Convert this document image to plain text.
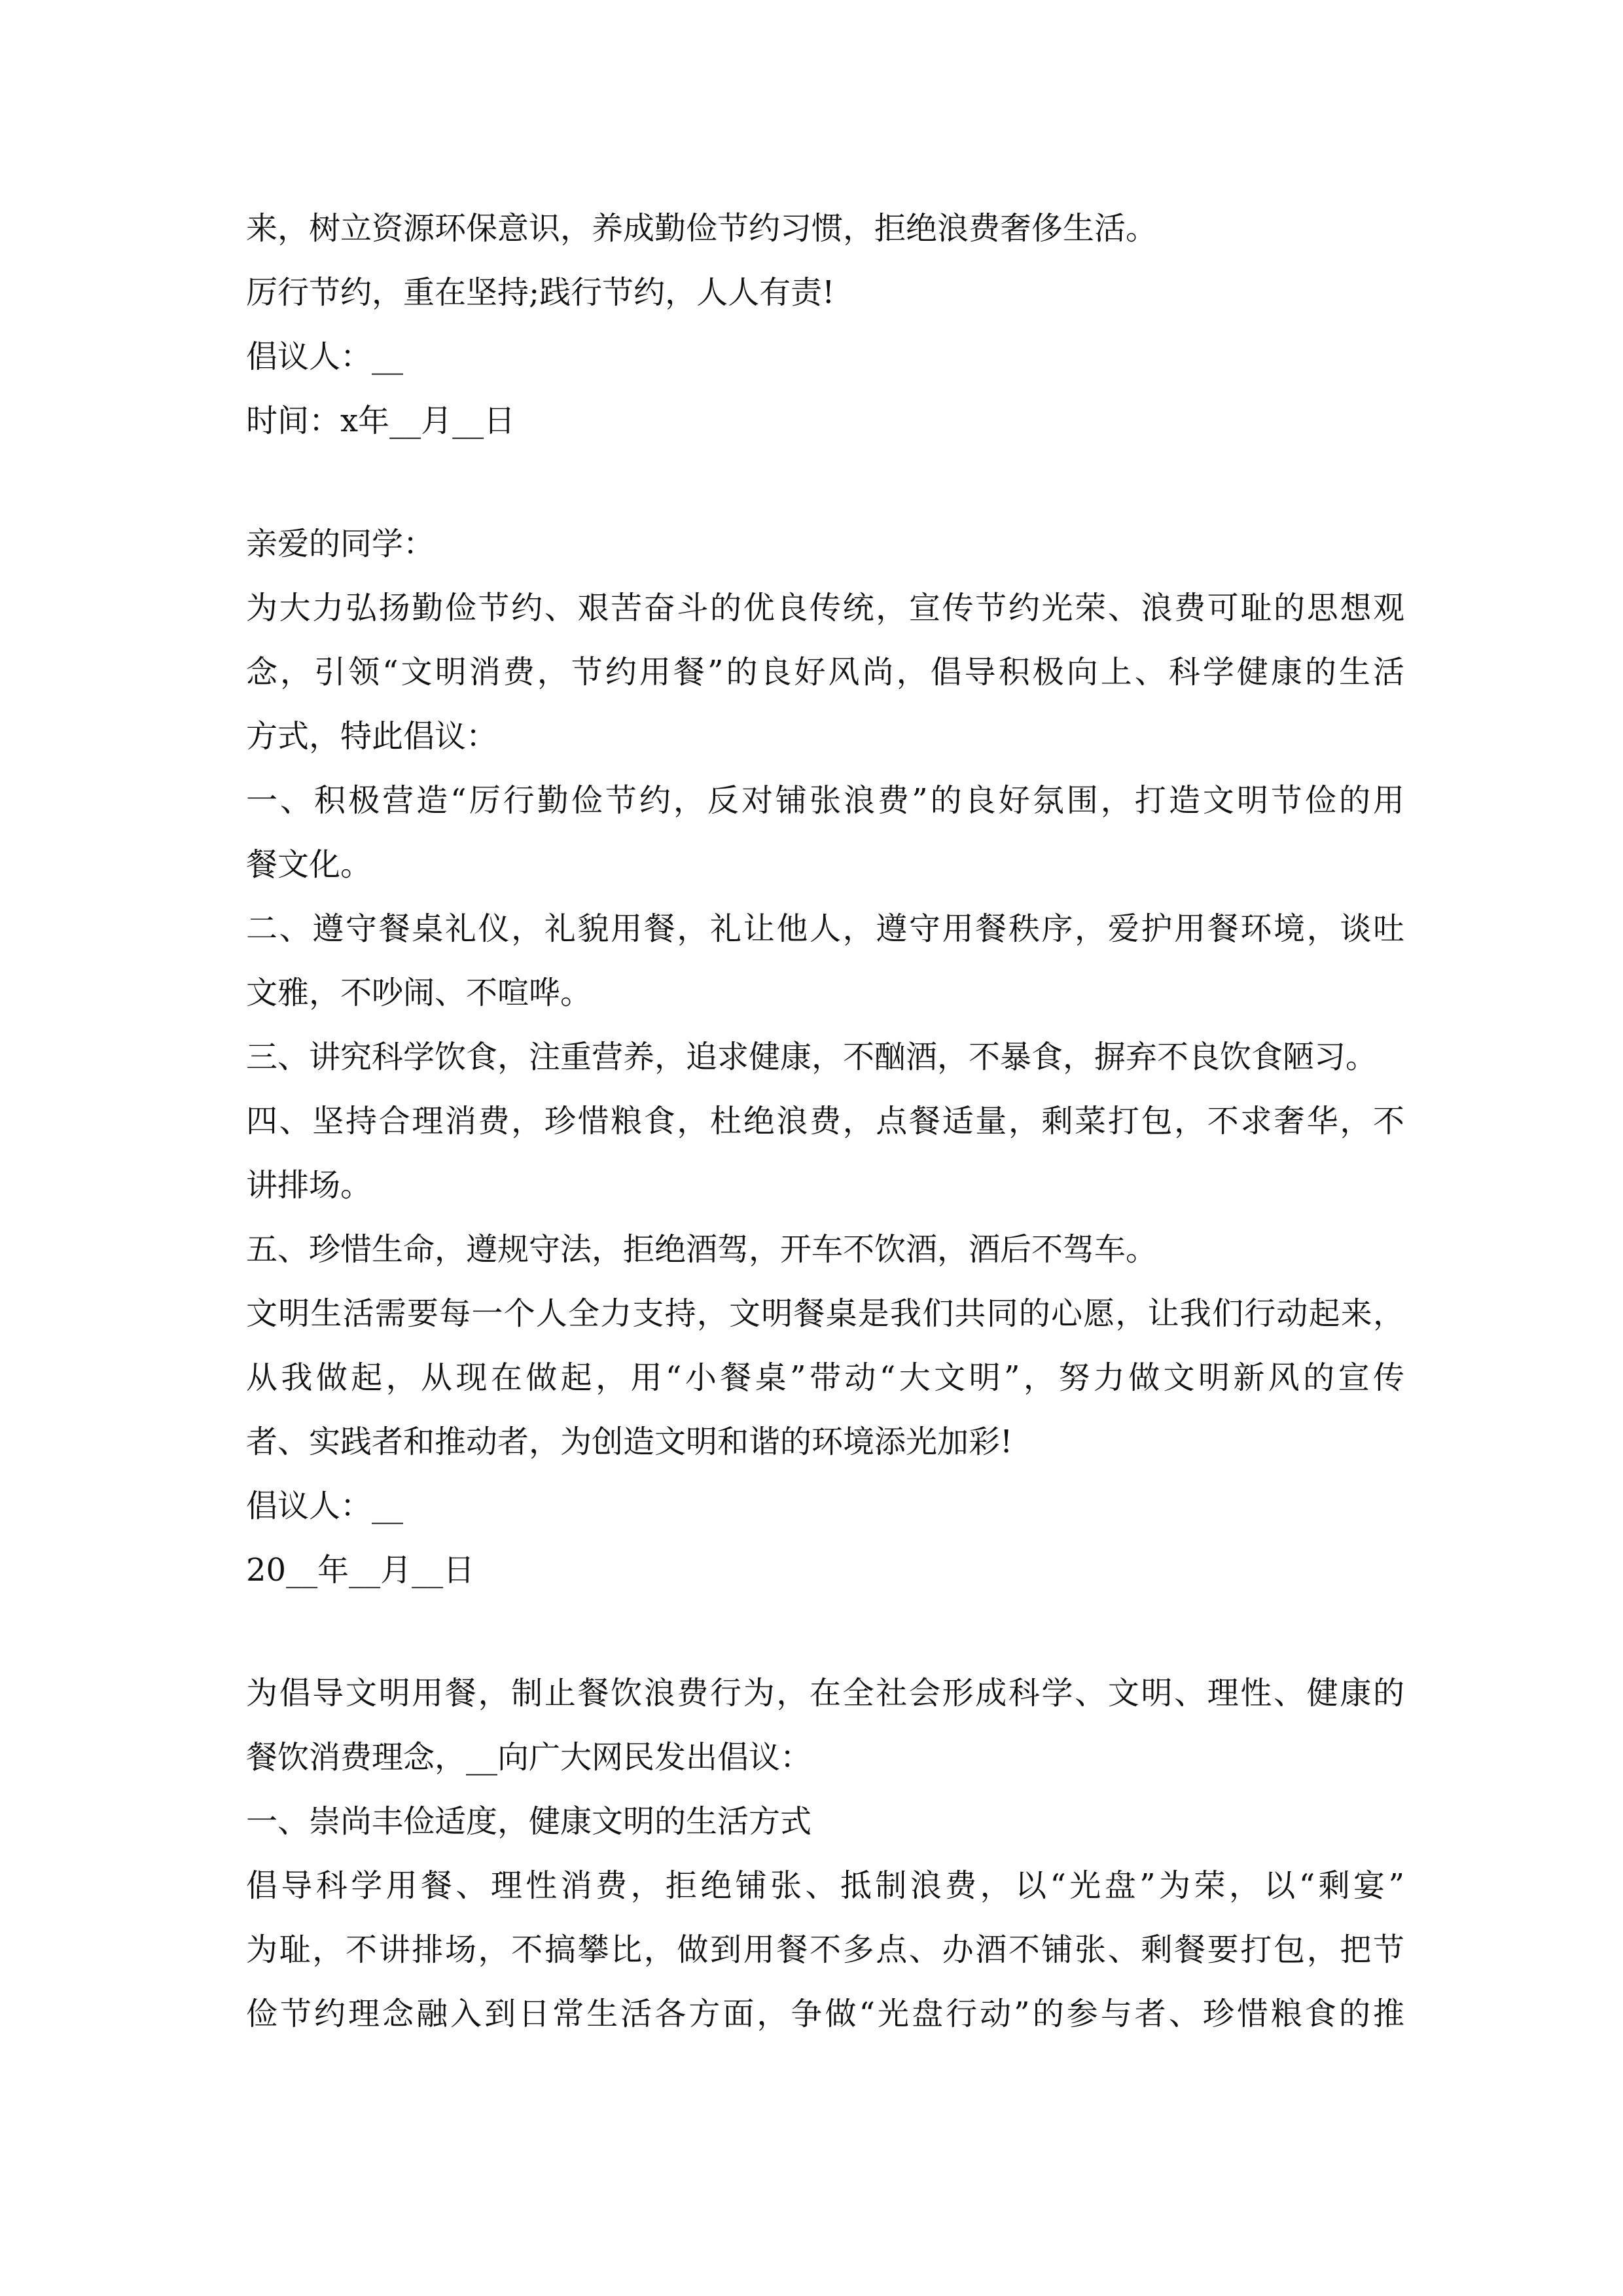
来，树立资源环保意识，养成勤俭节约习惯，拒绝浪费奢侈生活。
厉行节约，重在坚持;践行节约，人人有责!
倡议人：__
时间：x年__月__日
亲爱的同学：
为大力弘扬勤俭节约、艰苦奋斗的优良传统，宣传节约光荣、浪费可耻的思想观
念，引领“文明消费，节约用餐”的良好风尚，倡导积极向上、科学健康的生活
方式，特此倡议：
一、积极营造“厉行勤俭节约，反对铺张浪费”的良好氛围，打造文明节俭的用
餐文化。
二、遵守餐桌礼仪，礼貌用餐，礼让他人，遵守用餐秩序，爱护用餐环境，谈吐
文雅，不吵闹、不喧哗。
三、讲究科学饮食，注重营养，追求健康，不酗酒，不暴食，摒弃不良饮食陋习。
四、坚持合理消费，珍惜粮食，杜绝浪费，点餐适量，剩菜打包，不求奢华，不
讲排场。
五、珍惜生命，遵规守法，拒绝酒驾，开车不饮酒，酒后不驾车。
文明生活需要每一个人全力支持，文明餐桌是我们共同的心愿，让我们行动起来，
从我做起，从现在做起，用“小餐桌”带动“大文明”，努力做文明新风的宣传
者、实践者和推动者，为创造文明和谐的环境添光加彩!
倡议人：__
20__年__月__日
为倡导文明用餐，制止餐饮浪费行为，在全社会形成科学、文明、理性、健康的
餐饮消费理念，__向广大网民发出倡议：
一、崇尚丰俭适度，健康文明的生活方式
倡导科学用餐、理性消费，拒绝铺张、抵制浪费，以“光盘”为荣，以“剩宴”
为耻，不讲排场，不搞攀比，做到用餐不多点、办酒不铺张、剩餐要打包，把节
俭节约理念融入到日常生活各方面，争做“光盘行动”的参与者、珍惜粮食的推
